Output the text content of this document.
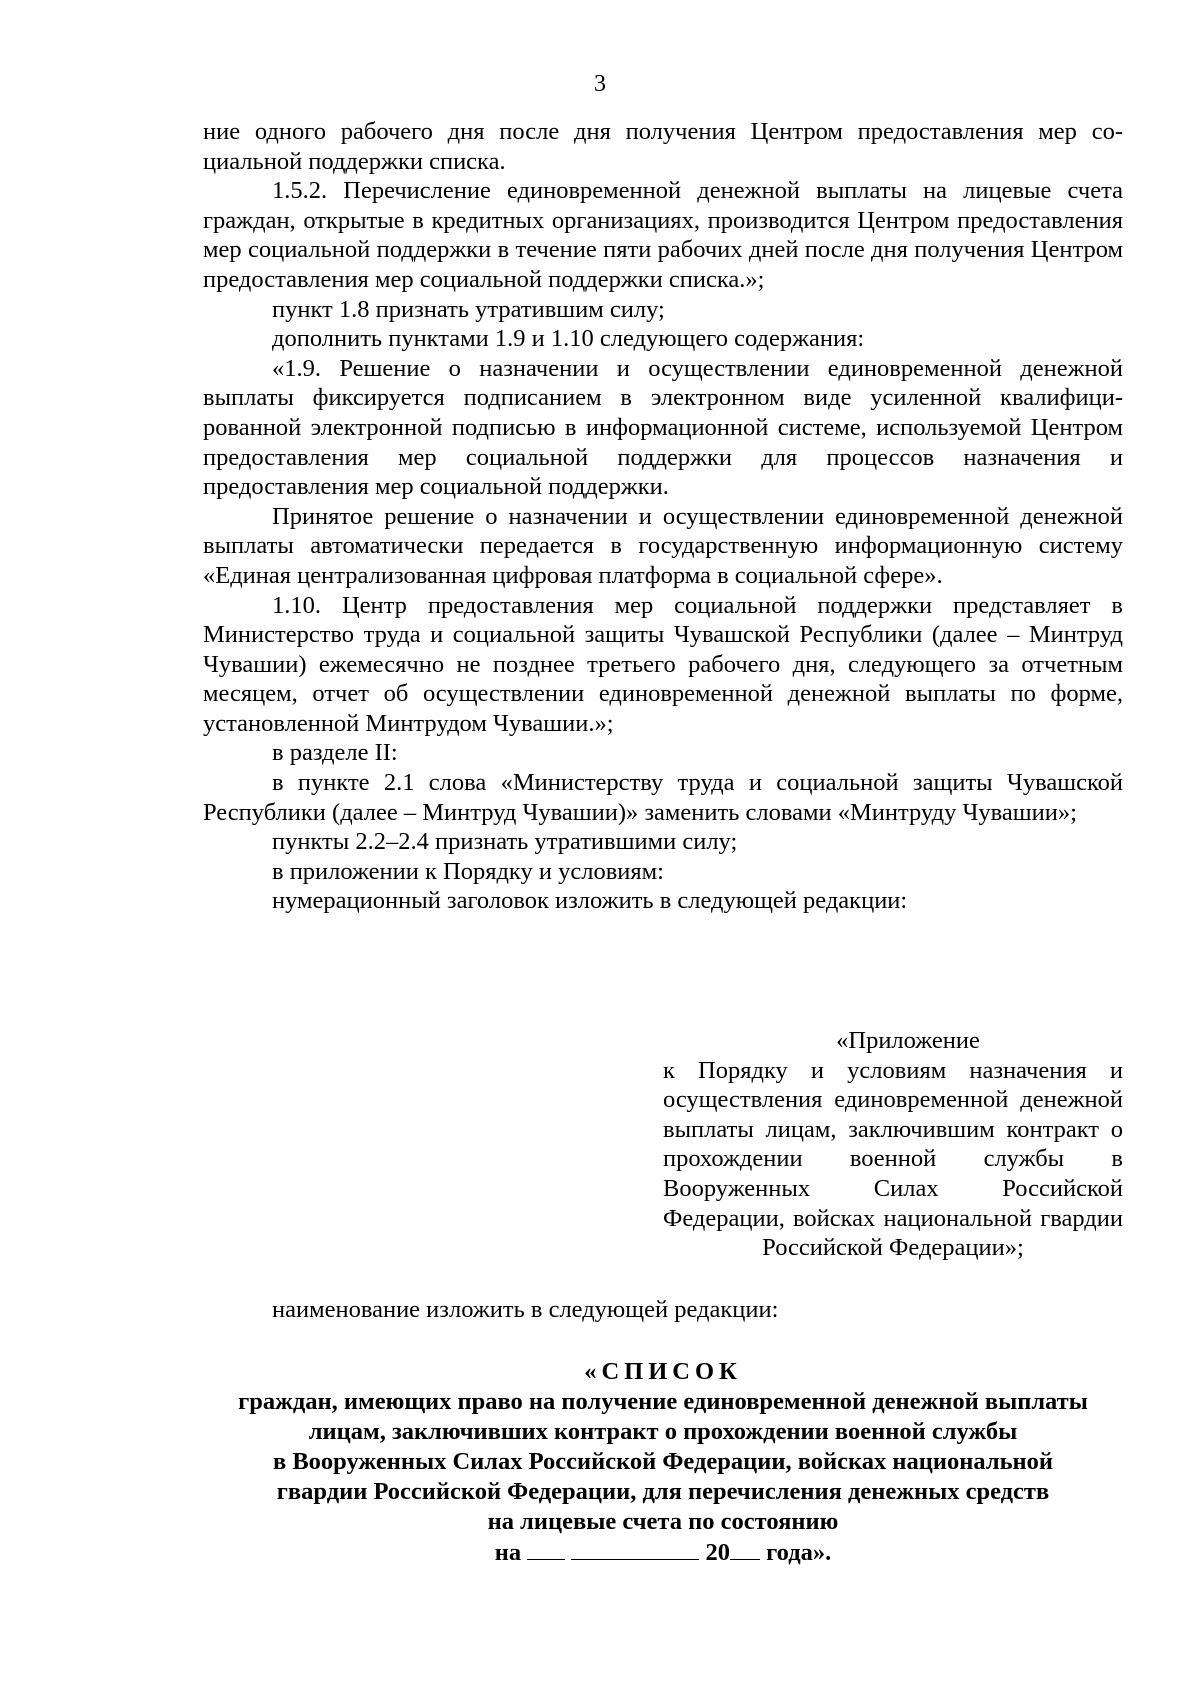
3

ние одного рабочего дня после дня получения Центром предоставления мер социальной поддержки списка.

1.5.2. Перечисление единовременной денежной выплаты на лицевые счета граждан, открытые в кредитных организациях, производится Центром предоставления мер социальной поддержки в течение пяти рабочих дней после дня получения Центром предоставления мер социальной поддержки списка.»;

пункт 1.8 признать утратившим силу;

дополнить пунктами 1.9 и 1.10 следующего содержания:

«1.9. Решение о назначении и осуществлении единовременной денежной выплаты фиксируется подписанием в электронном виде усиленной квалифицированной электронной подписью в информационной системе, используемой Центром предоставления мер социальной поддержки для процессов назначения и предоставления мер социальной поддержки.

Принятое решение о назначении и осуществлении единовременной денежной выплаты автоматически передается в государственную информационную систему «Единая централизованная цифровая платформа в социальной сфере».

1.10. Центр предоставления мер социальной поддержки представляет в Министерство труда и социальной защиты Чувашской Республики (далее – Минтруд Чувашии) ежемесячно не позднее третьего рабочего дня, следующего за отчетным месяцем, отчет об осуществлении единовременной денежной выплаты по форме, установленной Минтрудом Чувашии.»;

в разделе II:

в пункте 2.1 слова «Министерству труда и социальной защиты Чувашской Республики (далее – Минтруд Чувашии)» заменить словами «Минтруду Чувашии»;

пункты 2.2–2.4 признать утратившими силу;

в приложении к Порядку и условиям:

нумерационный заголовок изложить в следующей редакции:

«Приложение

к Порядку и условиям назначения и осуществления единовременной денежной выплаты лицам, заключившим контракт о прохождении военной службы в Вооруженных Силах Российской Федерации, войсках национальной гвардии Российской Федерации»;

наименование изложить в следующей редакции:

«СПИСОК

граждан, имеющих право на получение единовременной денежной выплаты

лицам, заключивших контракт о прохождении военной службы

в Вооруженных Силах Российской Федерации, войсках национальной

гвардии Российской Федерации, для перечисления денежных средств

на лицевые счета по состоянию

на	20 года».
